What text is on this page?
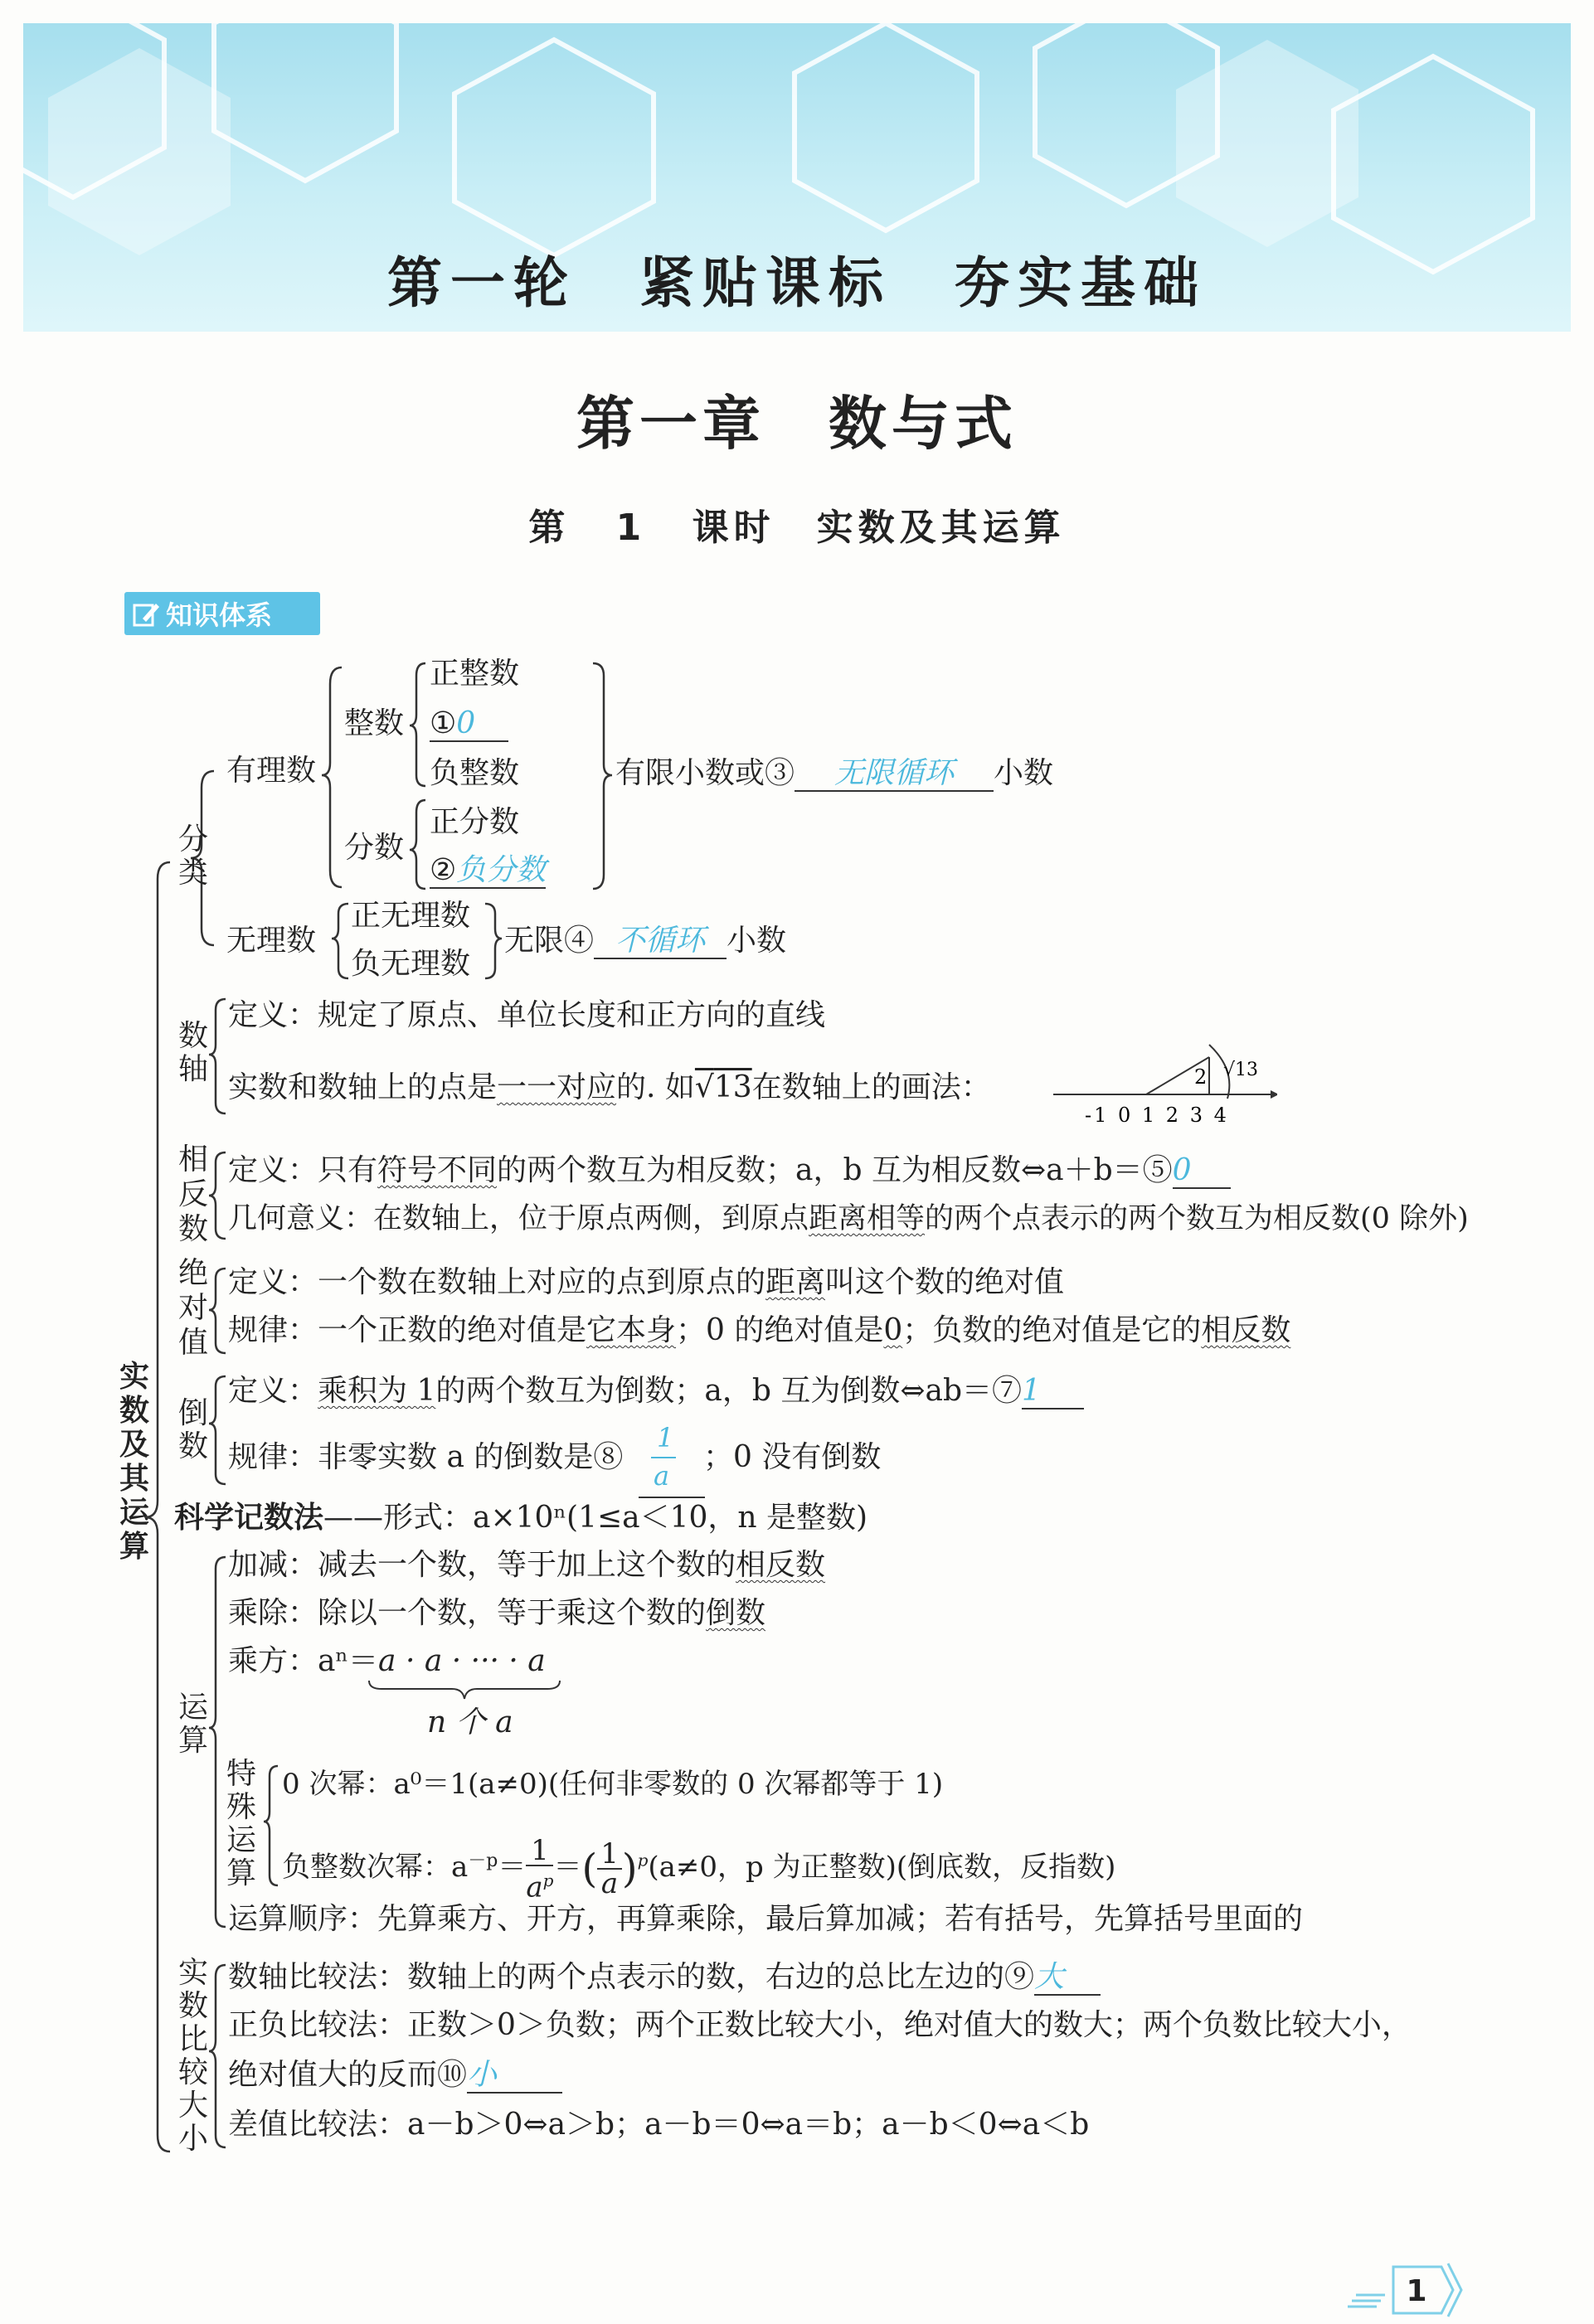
第一轮　紧贴课标　夯实基础
第一章　数与式
第 1 课时　实数及其运算
知识体系
实数及其运算
分类
有理数
整数
正整数
①0
负整数
分数
正分数
②负分数
有限小数或③ 无限循环 小数
无理数
正无理数
负无理数
无限④ 不循环 小数
数轴
定义：规定了原点、单位长度和正方向的直线
实数和数轴上的点是一一对应的. 如√13在数轴上的画法：	2 √13
-1 0 1 2 3 4
相反数
定义：只有符号不同的两个数互为相反数；a，b 互为相反数⇔a＋b＝⑤0
几何意义：在数轴上，位于原点两侧，到原点距离相等的两个点表示的两个数互为相反数(0 除外)
绝对值
定义：一个数在数轴上对应的点到原点的距离叫这个数的绝对值
规律：一个正数的绝对值是它本身；0 的绝对值是0；负数的绝对值是它的相反数
倒数
定义：乘积为 1的两个数互为倒数；a，b 互为倒数⇔ab＝⑦1
规律：非零实数 a 的倒数是⑧
1
a
；0 没有倒数
科学记数法——形式：a×10ⁿ(1≤a＜10，n 是整数)
运算
加减：减去一个数，等于加上这个数的相反数
乘除：除以一个数，等于乘这个数的倒数
乘方：aⁿ＝a · a · ··· · a
n 个 a
特殊运算
0 次幂：a⁰＝1(a≠0)(任何非零数的 0 次幂都等于 1)
负整数次幂：$a^{-p}= \frac{1}{a^p}$ ＝( $\frac{1}{a} )^p(a\ne 0$，p 为正整数)(倒底数，反指数)
运算顺序：先算乘方、开方，再算乘除，最后算加减；若有括号，先算括号里面的
实数比较大小
数轴比较法：数轴上的两个点表示的数，右边的总比左边的⑨大
正负比较法：正数＞0＞负数；两个正数比较大小，绝对值大的数大；两个负数比较大小，
绝对值大的反而⑩小
差值比较法：a－b＞0⇔a＞b；a－b＝0⇔a＝b；a－b＜0⇔a＜b
1
